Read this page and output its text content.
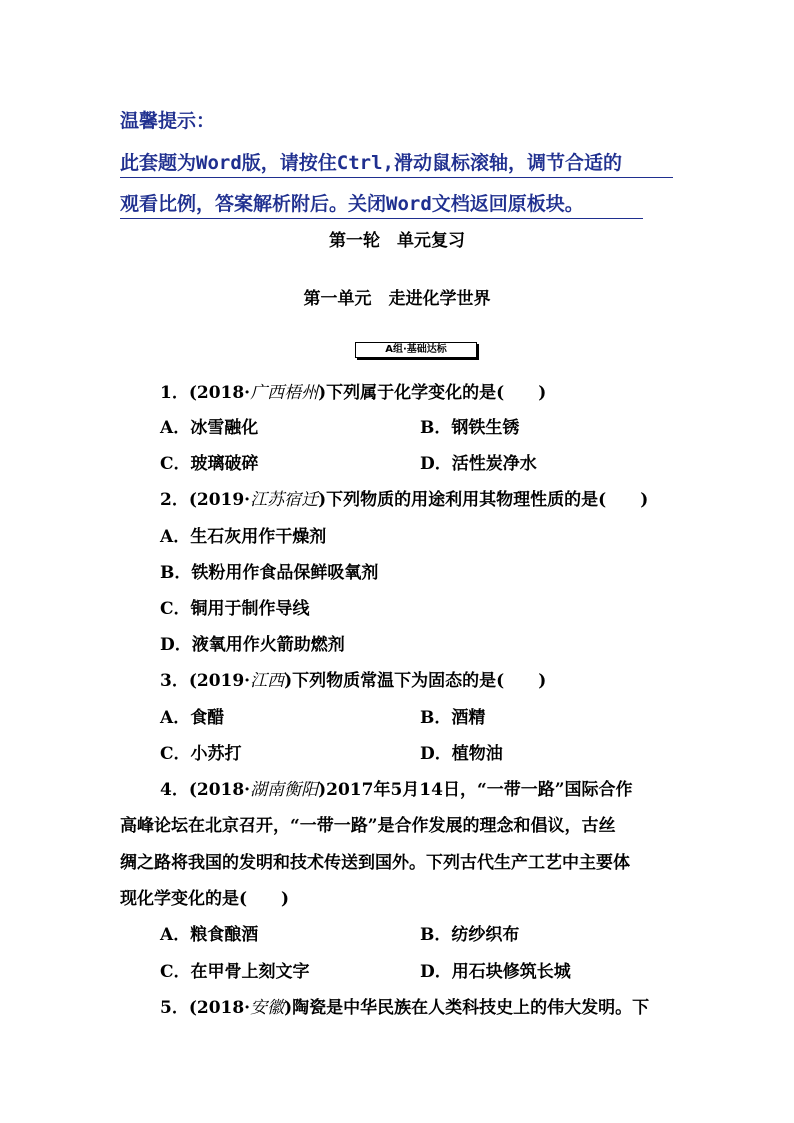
温馨提示：
此套题为Word版，请按住Ctrl,滑动鼠标滚轴，调节合适的
观看比例，答案解析附后。关闭Word文档返回原板块。
第一轮　单元复习
第一单元　走进化学世界
A组·基础达标
1．(2018·广西梧州)下列属于化学变化的是(　　)
A．冰雪融化	B．钢铁生锈
C．玻璃破碎	D．活性炭净水
2．(2019·江苏宿迁)下列物质的用途利用其物理性质的是(　　)
A．生石灰用作干燥剂
B．铁粉用作食品保鲜吸氧剂
C．铜用于制作导线
D．液氧用作火箭助燃剂
3．(2019·江西)下列物质常温下为固态的是(　　)
A．食醋	B．酒精
C．小苏打	D．植物油
4．(2018·湖南衡阳)2017年5月14日，“一带一路”国际合作
高峰论坛在北京召开，“一带一路”是合作发展的理念和倡议，古丝
绸之路将我国的发明和技术传送到国外。下列古代生产工艺中主要体
现化学变化的是(　　)
A．粮食酿酒	B．纺纱织布
C．在甲骨上刻文字	D．用石块修筑长城
5．(2018·安徽)陶瓷是中华民族在人类科技史上的伟大发明。下
